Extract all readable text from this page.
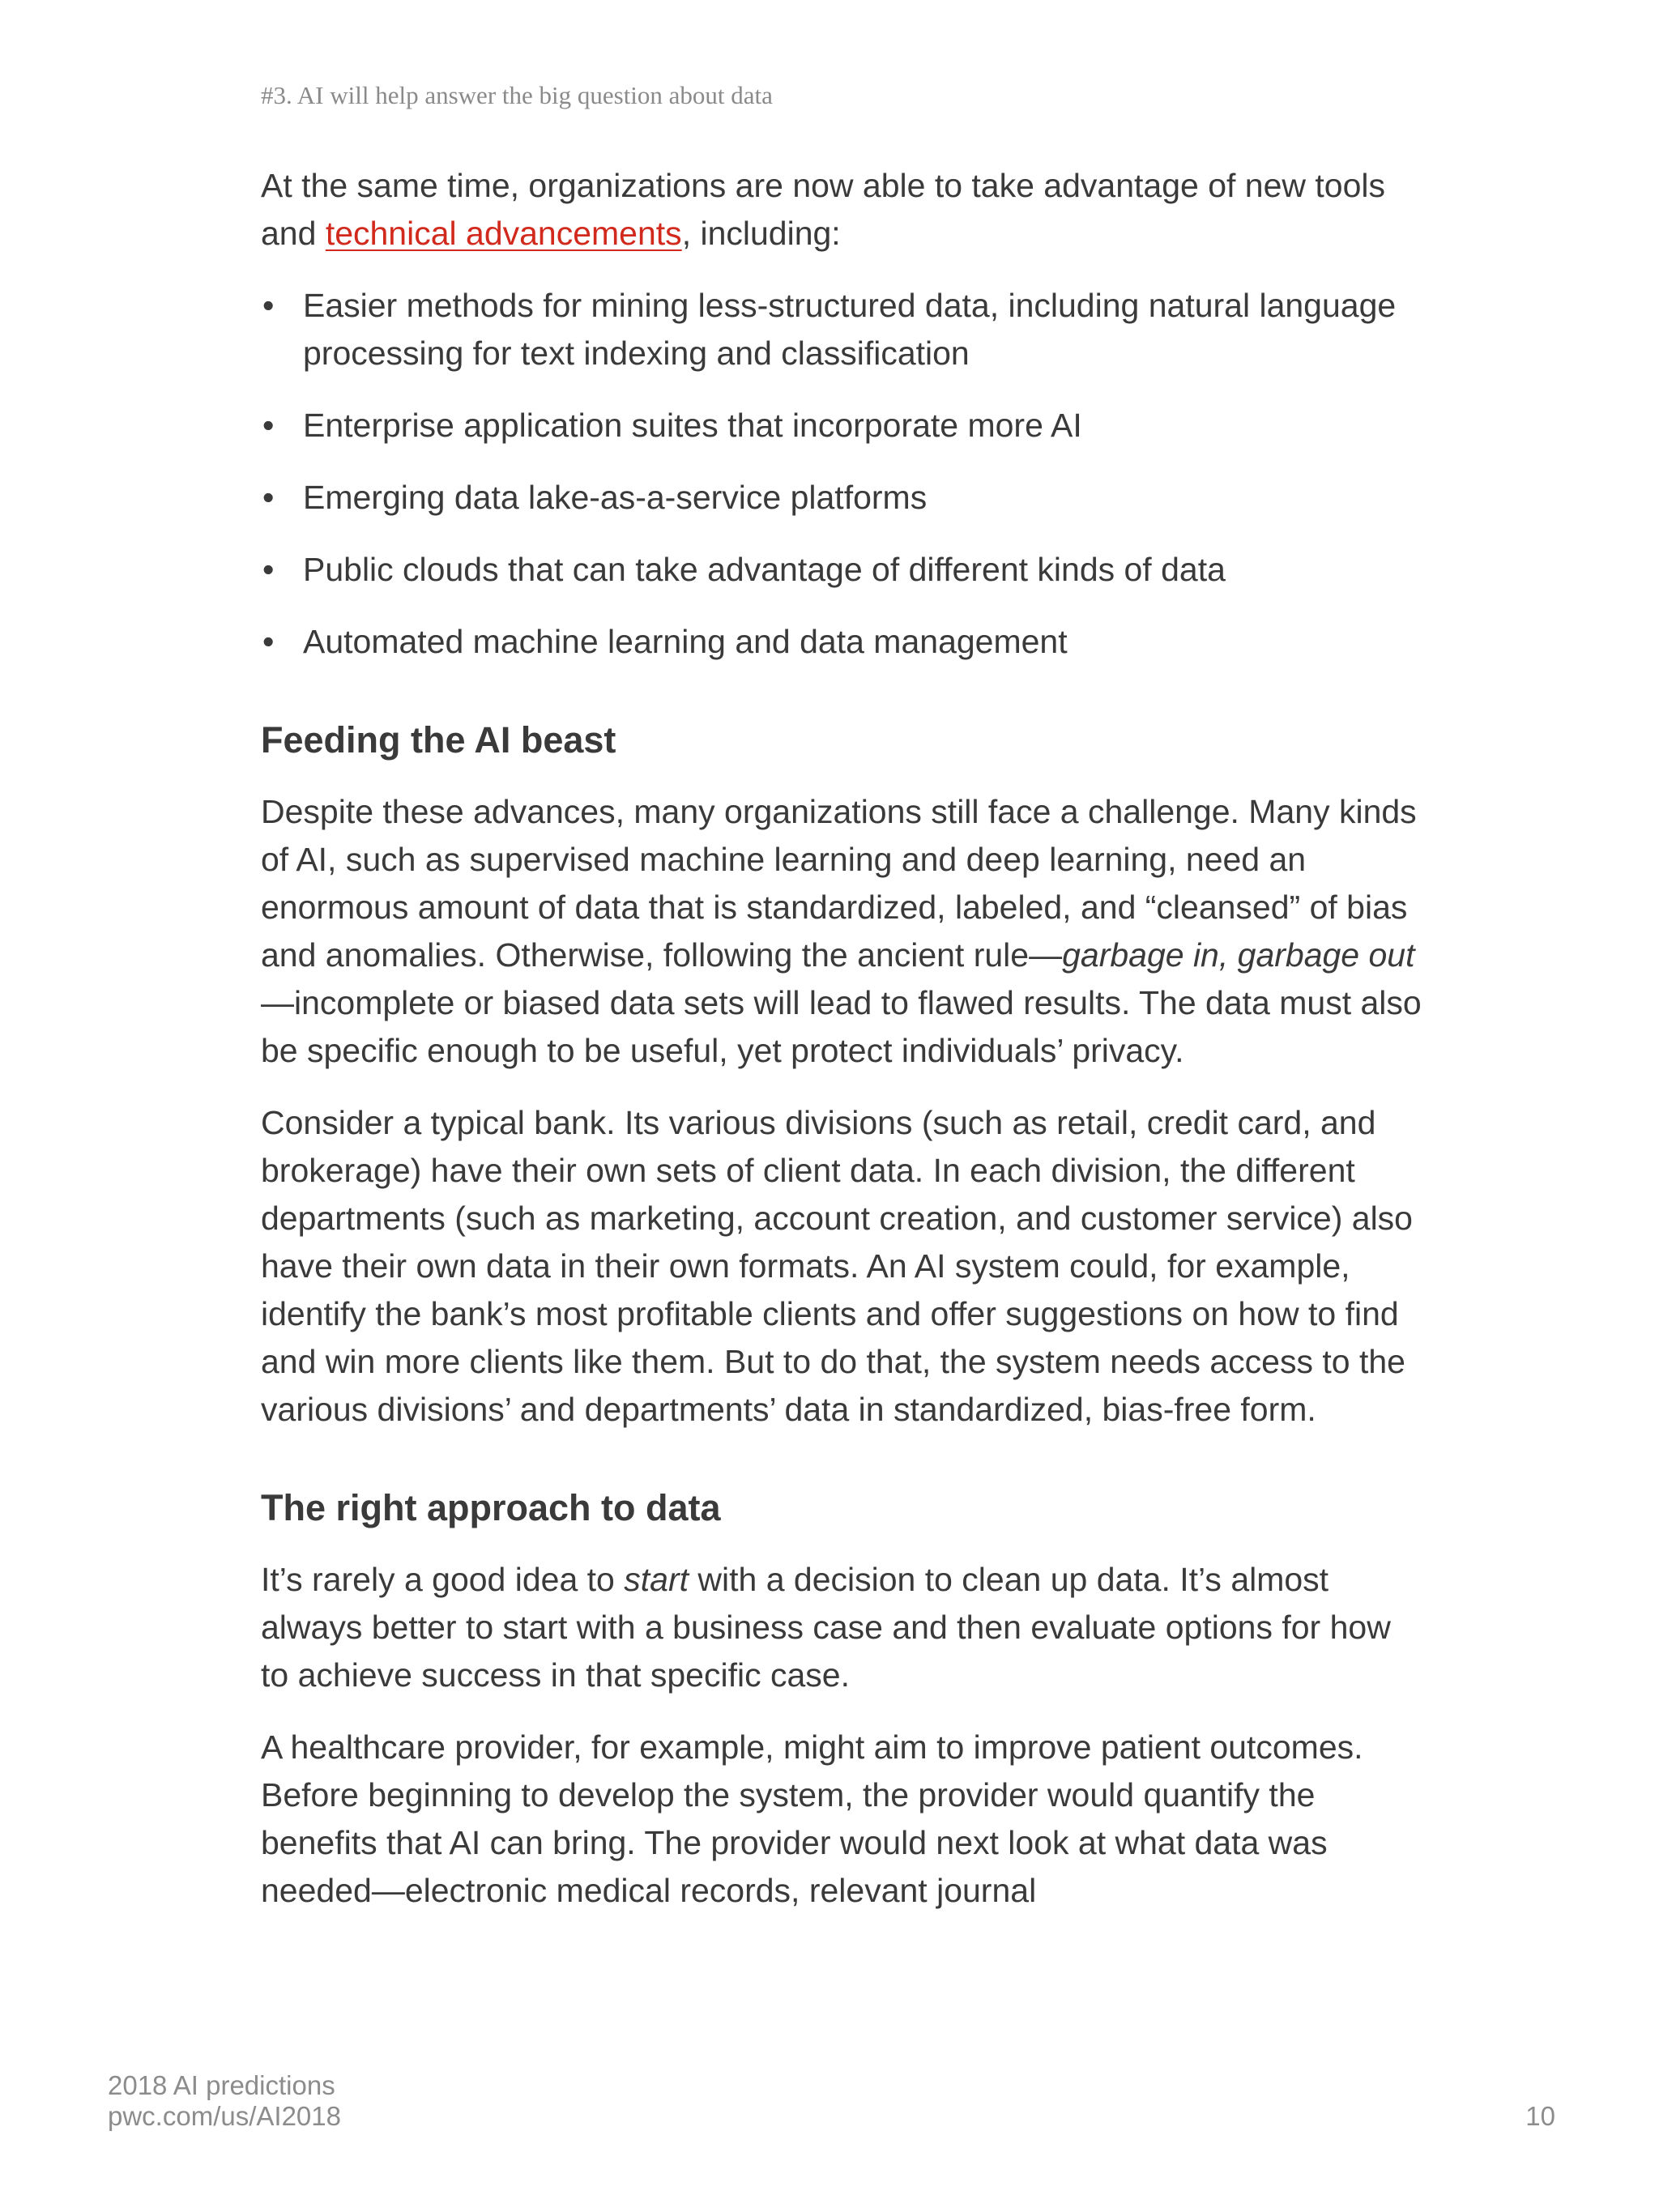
#3. AI will help answer the big question about data

At the same time, organizations are now able to take advantage of new tools and technical advancements, including:

• Easier methods for mining less-structured data, including natural language processing for text indexing and classification
• Enterprise application suites that incorporate more AI
• Emerging data lake-as-a-service platforms
• Public clouds that can take advantage of different kinds of data
• Automated machine learning and data management
Feeding the AI beast

Despite these advances, many organizations still face a challenge. Many kinds of AI, such as supervised machine learning and deep learning, need an enormous amount of data that is standardized, labeled, and “cleansed” of bias and anomalies. Otherwise, following the ancient rule—garbage in, garbage out—incomplete or biased data sets will lead to flawed results. The data must also be specific enough to be useful, yet protect individuals’ privacy.

Consider a typical bank. Its various divisions (such as retail, credit card, and brokerage) have their own sets of client data. In each division, the different departments (such as marketing, account creation, and customer service) also have their own data in their own formats. An AI system could, for example, identify the bank’s most profitable clients and offer suggestions on how to find and win more clients like them. But to do that, the system needs access to the various divisions’ and departments’ data in standardized, bias-free form.

The right approach to data

It’s rarely a good idea to start with a decision to clean up data. It’s almost always better to start with a business case and then evaluate options for how to achieve success in that specific case.

A healthcare provider, for example, might aim to improve patient outcomes. Before beginning to develop the system, the provider would quantify the benefits that AI can bring. The provider would next look at what data was needed—electronic medical records, relevant journal

2018 AI predictions
pwc.com/us/AI2018	10
